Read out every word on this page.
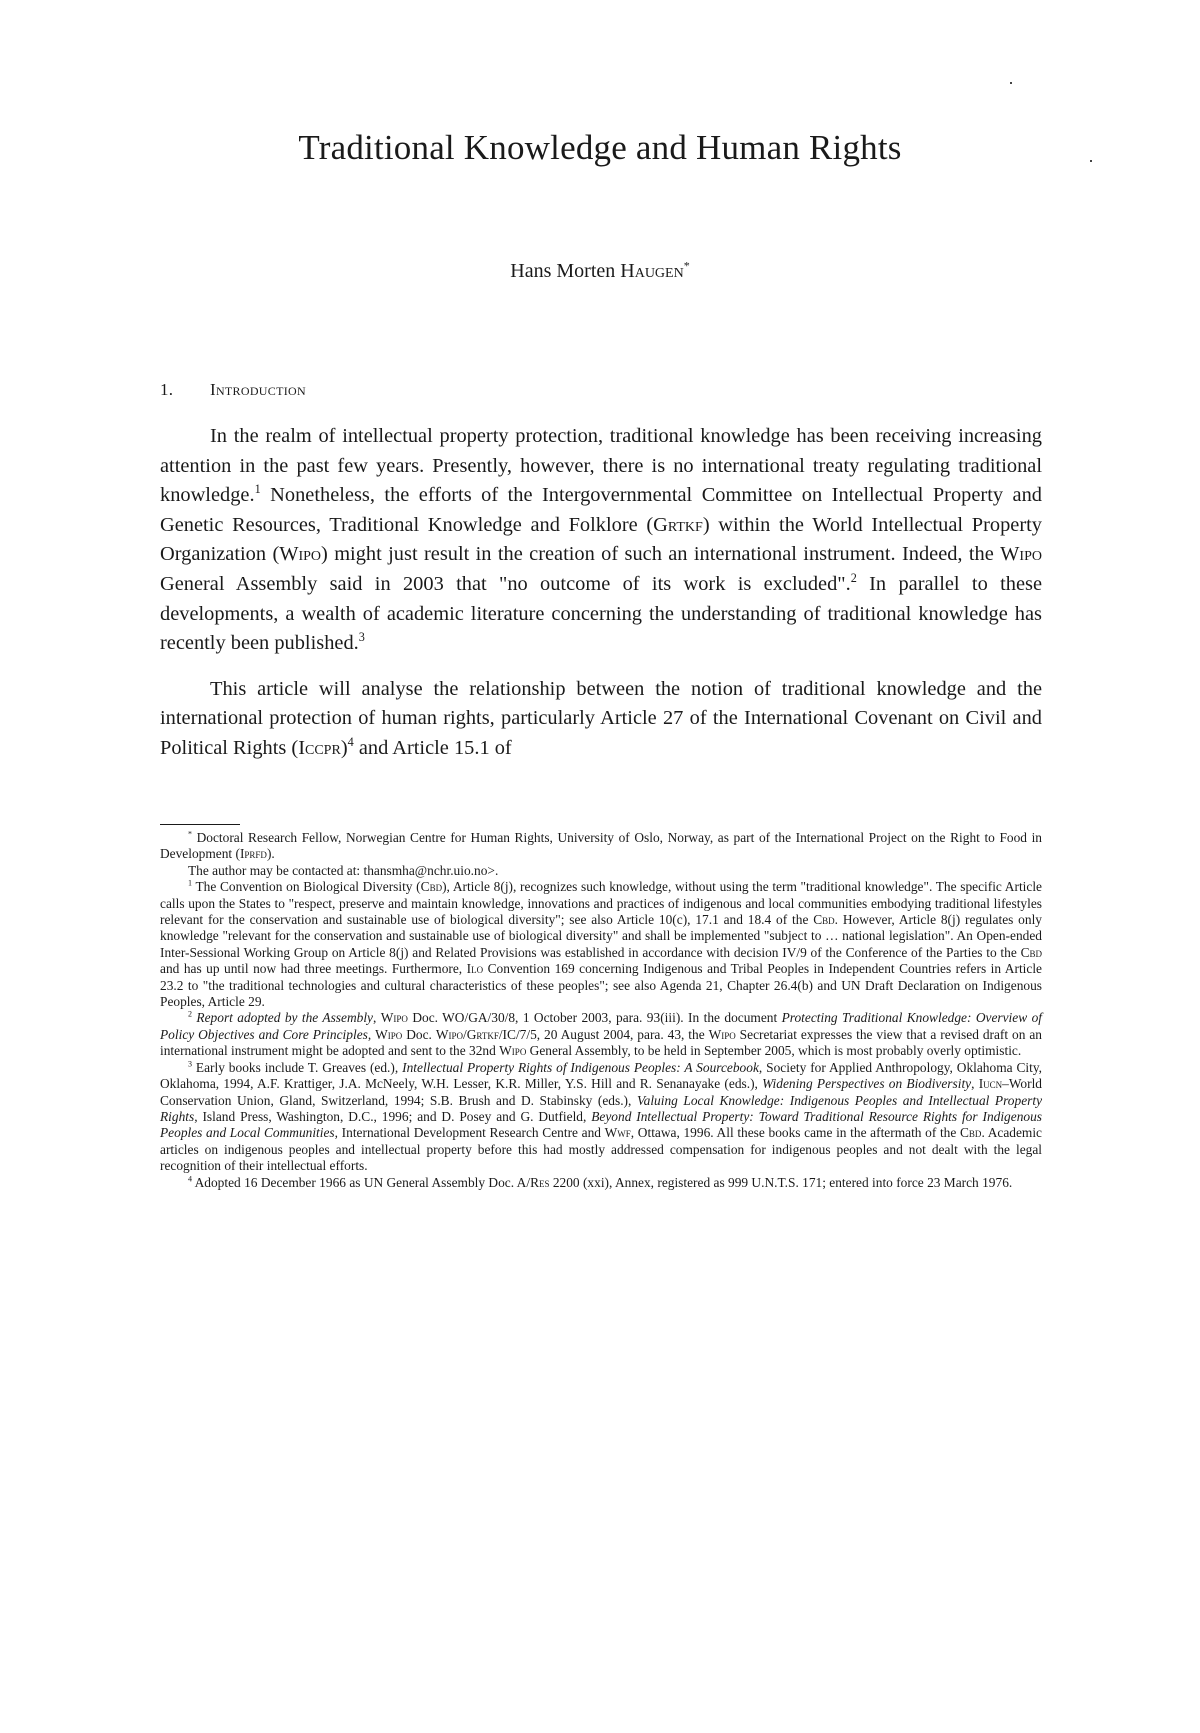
Traditional Knowledge and Human Rights
Hans Morten Haugen*
1. Introduction

In the realm of intellectual property protection, traditional knowledge has been receiving increasing attention in the past few years. Presently, however, there is no international treaty regulating traditional knowledge.$^1$ Nonetheless, the efforts of the Intergovernmental Committee on Intellectual Property and Genetic Resources, Traditional Knowledge and Folklore (Grtkf) within the World Intellectual Property Organization (Wipo) might just result in the creation of such an international instrument. Indeed, the Wipo General Assembly said in 2003 that "no outcome of its work is excluded".$^2$ In parallel to these developments, a wealth of academic literature concerning the understanding of traditional knowledge has recently been published.$^3$

This article will analyse the relationship between the notion of traditional knowledge and the international protection of human rights, particularly Article 27 of the International Covenant on Civil and Political Rights (Iccpr)$^4$ and Article 15.1 of

* Doctoral Research Fellow, Norwegian Centre for Human Rights, University of Oslo, Norway, as part of the International Project on the Right to Food in Development (Iprfd).

The author may be contacted at: thansmha@nchr.uio.no>.

$^1$ The Convention on Biological Diversity (Cbd), Article 8(j), recognizes such knowledge, without using the term "traditional knowledge". The specific Article calls upon the States to "respect, preserve and maintain knowledge, innovations and practices of indigenous and local communities embodying traditional lifestyles relevant for the conservation and sustainable use of biological diversity"; see also Article 10(c), 17.1 and 18.4 of the Cbd. However, Article 8(j) regulates only knowledge "relevant for the conservation and sustainable use of biological diversity" and shall be implemented "subject to … national legislation". An Open-ended Inter-Sessional Working Group on Article 8(j) and Related Provisions was established in accordance with decision IV/9 of the Conference of the Parties to the Cbd and has up until now had three meetings. Furthermore, Ilo Convention 169 concerning Indigenous and Tribal Peoples in Independent Countries refers in Article 23.2 to "the traditional technologies and cultural characteristics of these peoples"; see also Agenda 21, Chapter 26.4(b) and UN Draft Declaration on Indigenous Peoples, Article 29.

$^2$ Report adopted by the Assembly, Wipo Doc. WO/GA/30/8, 1 October 2003, para. 93(iii). In the document Protecting Traditional Knowledge: Overview of Policy Objectives and Core Principles, Wipo Doc. Wipo/Grtkf/IC/7/5, 20 August 2004, para. 43, the Wipo Secretariat expresses the view that a revised draft on an international instrument might be adopted and sent to the 32nd Wipo General Assembly, to be held in September 2005, which is most probably overly optimistic.

$^3$ Early books include T. Greaves (ed.), Intellectual Property Rights of Indigenous Peoples: A Sourcebook, Society for Applied Anthropology, Oklahoma City, Oklahoma, 1994, A.F. Krattiger, J.A. McNeely, W.H. Lesser, K.R. Miller, Y.S. Hill and R. Senanayake (eds.), Widening Perspectives on Biodiversity, Iucn–World Conservation Union, Gland, Switzerland, 1994; S.B. Brush and D. Stabinsky (eds.), Valuing Local Knowledge: Indigenous Peoples and Intellectual Property Rights, Island Press, Washington, D.C., 1996; and D. Posey and G. Dutfield, Beyond Intellectual Property: Toward Traditional Resource Rights for Indigenous Peoples and Local Communities, International Development Research Centre and Wwf, Ottawa, 1996. All these books came in the aftermath of the Cbd. Academic articles on indigenous peoples and intellectual property before this had mostly addressed compensation for indigenous peoples and not dealt with the legal recognition of their intellectual efforts.

$^4$ Adopted 16 December 1966 as UN General Assembly Doc. A/Res 2200 (xxi), Annex, registered as 999 U.N.T.S. 171; entered into force 23 March 1976.
